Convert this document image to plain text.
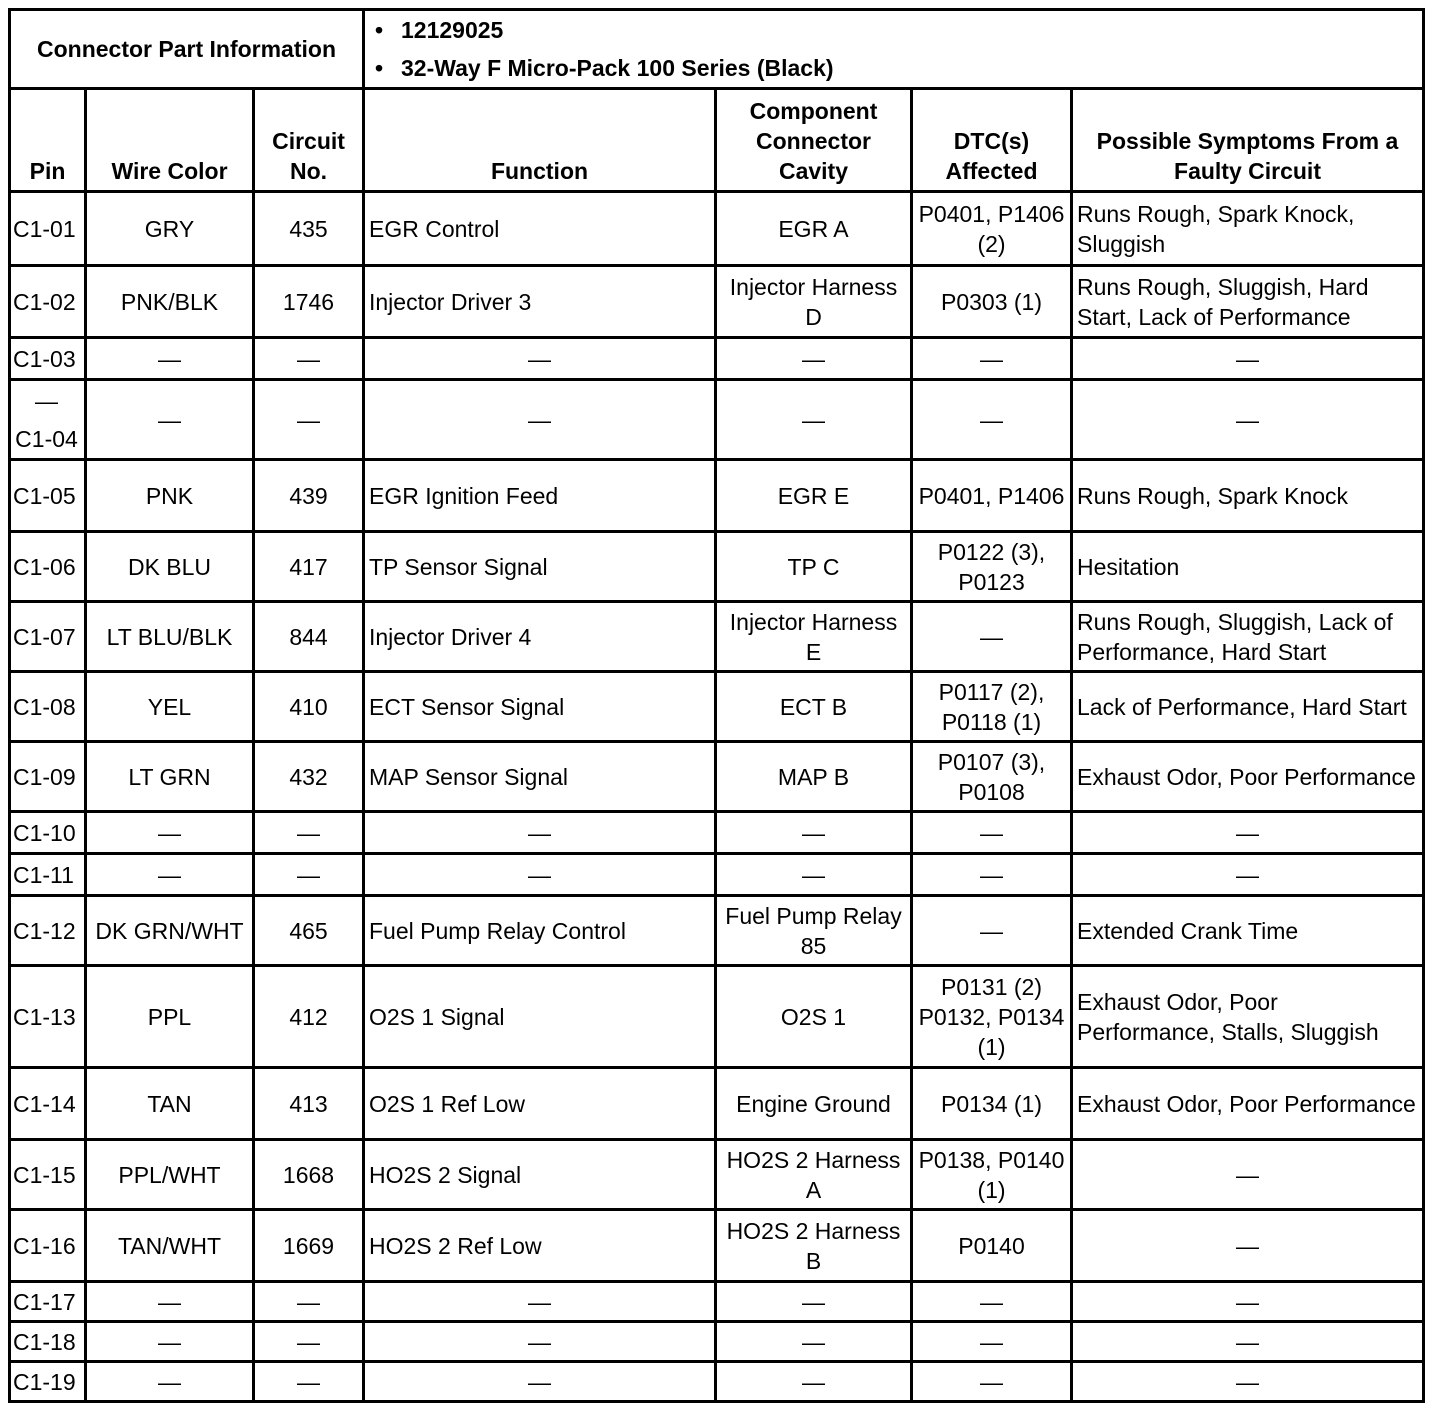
Connector Part Information	
• 12129025
• 32-Way F Micro-Pack 100 Series (Black)
Pin	Wire Color	Circuit No.	Function	Component Connector Cavity	DTC(s) Affected	Possible Symptoms From a Faulty Circuit
C1-01	GRY	435	EGR Control	EGR A	P0401, P1406 (2)	Runs Rough, Spark Knock, Sluggish
C1-02	PNK/BLK	1746	Injector Driver 3	Injector Harness D	P0303 (1)	Runs Rough, Sluggish, Hard Start, Lack of Performance
C1-03	—	—	—	—	—	—

—
C1-04	—	—	—	—	—	—
C1-05	PNK	439	EGR Ignition Feed	EGR E	P0401, P1406	Runs Rough, Spark Knock
C1-06	DK BLU	417	TP Sensor Signal	TP C	P0122 (3), P0123	Hesitation
C1-07	LT BLU/BLK	844	Injector Driver 4	Injector Harness E	—	Runs Rough, Sluggish, Lack of Performance, Hard Start
C1-08	YEL	410	ECT Sensor Signal	ECT B	P0117 (2), P0118 (1)	Lack of Performance, Hard Start
C1-09	LT GRN	432	MAP Sensor Signal	MAP B	P0107 (3), P0108	Exhaust Odor, Poor Performance
C1-10	—	—	—	—	—	—
C1-11	—	—	—	—	—	—
C1-12	DK GRN/WHT	465	Fuel Pump Relay Control	Fuel Pump Relay 85	—	Extended Crank Time
C1-13	PPL	412	O2S 1 Signal	O2S 1	P0131 (2) P0132, P0134 (1)	Exhaust Odor, Poor Performance, Stalls, Sluggish
C1-14	TAN	413	O2S 1 Ref Low	Engine Ground	P0134 (1)	Exhaust Odor, Poor Performance
C1-15	PPL/WHT	1668	HO2S 2 Signal	HO2S 2 Harness A	P0138, P0140 (1)	—
C1-16	TAN/WHT	1669	HO2S 2 Ref Low	HO2S 2 Harness B	P0140	—
C1-17	—	—	—	—	—	—
C1-18	—	—	—	—	—	—
C1-19	—	—	—	—	—	—
